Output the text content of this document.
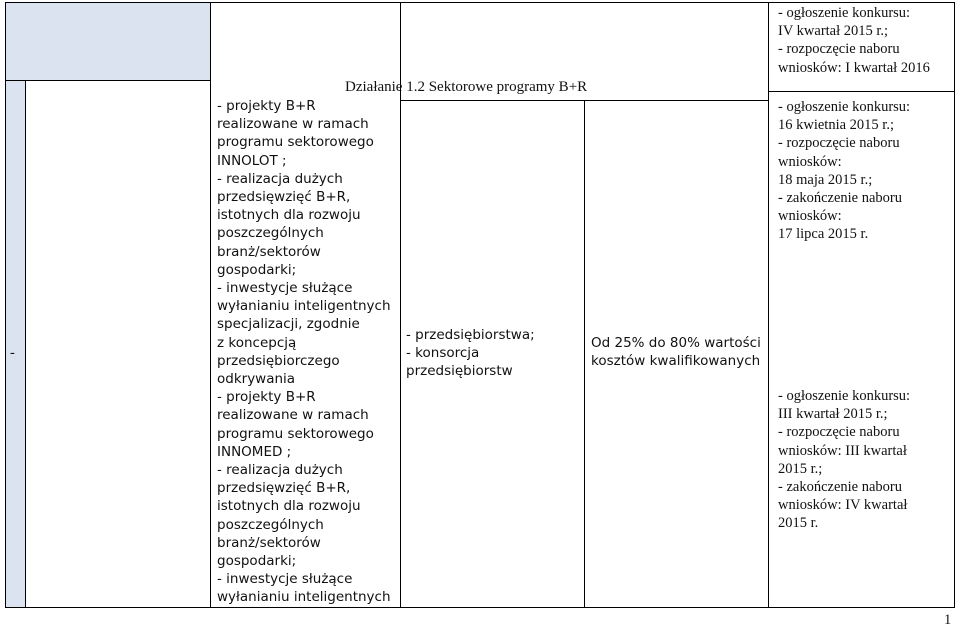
- ogłoszenie konkursu:
IV kwartał 2015 r.;
- rozpoczęcie naboru
wniosków: I kwartał 2016
Działanie 1.2 Sektorowe programy B+R
-
- projekty B+R
realizowane w ramach
programu sektorowego
INNOLOT ;
- realizacja dużych
przedsięwzięć B+R,
istotnych dla rozwoju
poszczególnych
branż/sektorów
gospodarki;
- inwestycje służące
wyłanianiu inteligentnych
specjalizacji, zgodnie
z koncepcją
przedsiębiorczego
odkrywania
- projekty B+R
realizowane w ramach
programu sektorowego
INNOMED ;
- realizacja dużych
przedsięwzięć B+R,
istotnych dla rozwoju
poszczególnych
branż/sektorów
gospodarki;
- inwestycje służące
wyłanianiu inteligentnych
- przedsiębiorstwa;
- konsorcja
przedsiębiorstw
Od 25% do 80% wartości
kosztów kwalifikowanych
- ogłoszenie konkursu:
16 kwietnia 2015 r.;
- rozpoczęcie naboru
wniosków:
18 maja 2015 r.;
- zakończenie naboru
wniosków:
17 lipca 2015 r.
- ogłoszenie konkursu:
III kwartał 2015 r.;
- rozpoczęcie naboru
wniosków: III kwartał
2015 r.;
- zakończenie naboru
wniosków: IV kwartał
2015 r.
1
